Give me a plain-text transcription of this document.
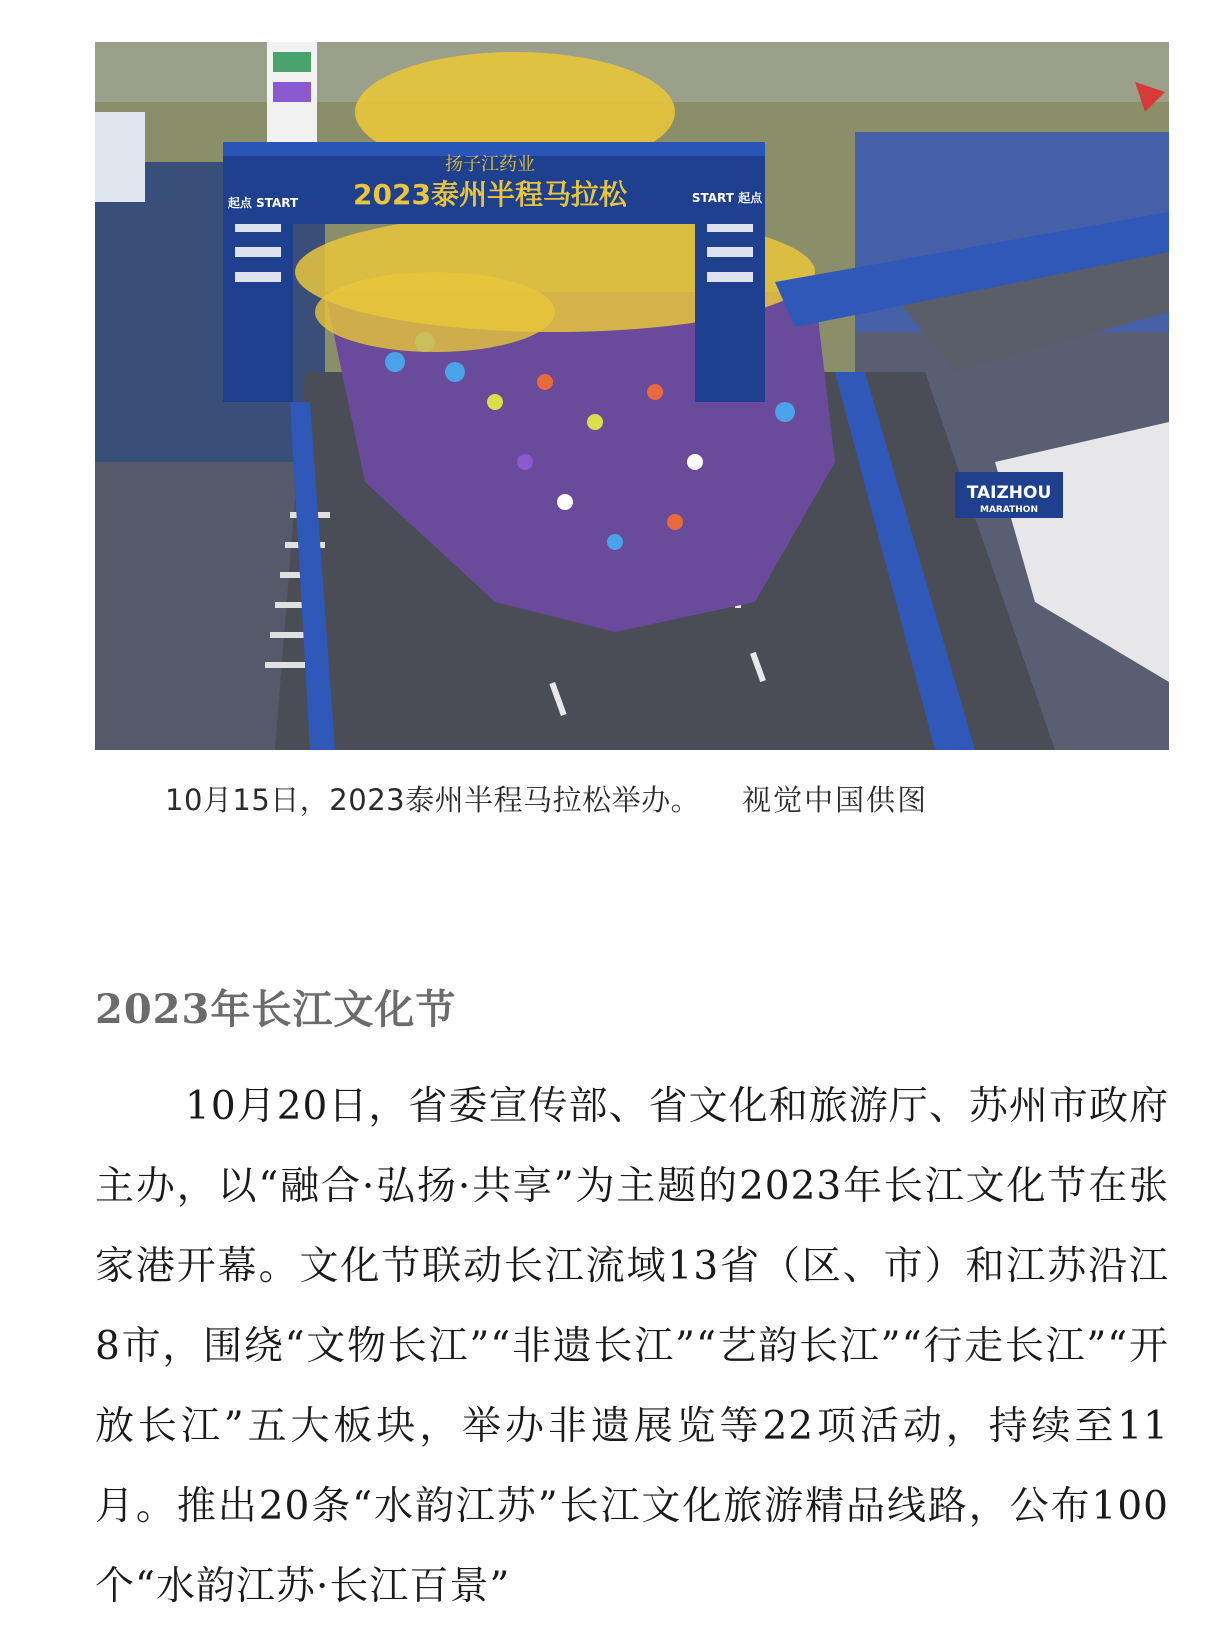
扬子江药业
2023泰州半程马拉松
起点 START	START 起点
TAIZHOU
MARATHON
10月15日，2023泰州半程马拉松举办。 视觉中国供图
2023年长江文化节
10月20日，省委宣传部、省文化和旅游厅、苏州市政府主办，以“融合·弘扬·共享”为主题的2023年长江文化节在张家港开幕。文化节联动长江流域13省（区、市）和江苏沿江8市，围绕“文物长江”“非遗长江”“艺韵长江”“行走长江”“开放长江”五大板块，举办非遗展览等22项活动，持续至11月。推出20条“水韵江苏”长江文化旅游精品线路，公布100个“水韵江苏·长江百景”
